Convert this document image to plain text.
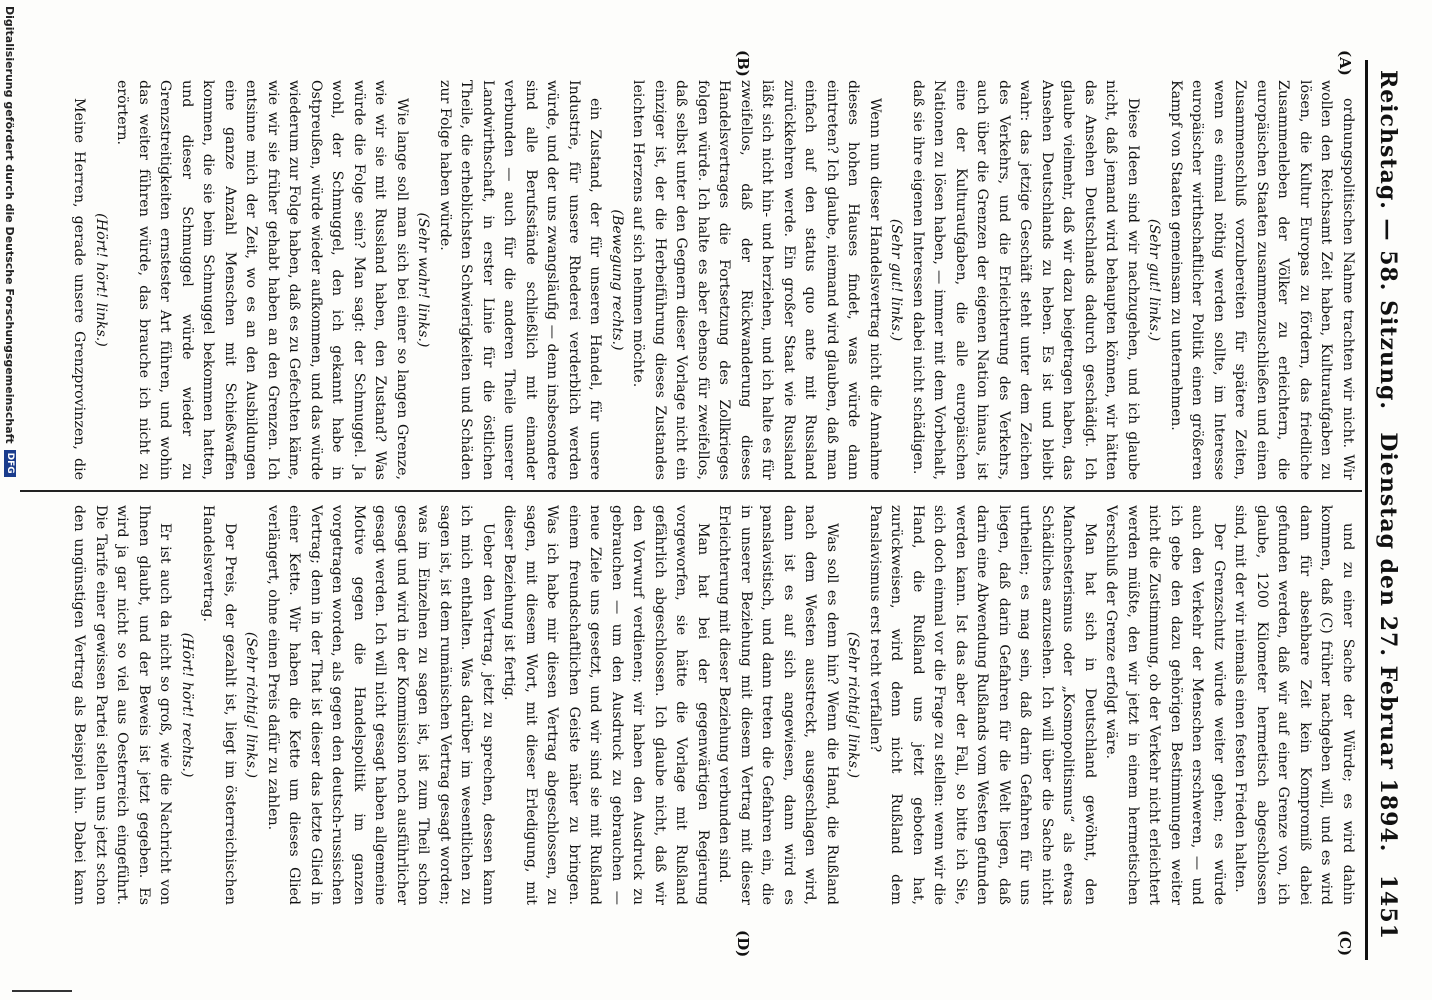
Reichstag. — 58. Sitzung.
Dienstag den 27. Februar 1894.
1451
(A)
(B)
(C)
(D)

ordnungspolitischen Nahme trachten wir nicht. Wir wollen den Reichsamt Zeit haben, Kulturaufgaben zu lösen, die Kultur Europas zu fördern, das friedliche Zusammenleben der Völker zu erleichtern, die europäischen Staaten zusammenzuschließen und einen Zusammenschluß vorzubereiten für spätere Zeiten, wenn es einmal nöthig werden sollte, im Interesse europäischer wirthschaftlicher Politik einen größeren Kampf von Staaten gemeinsam zu unternehmen.

(Sehr gut! links.)

Diese Ideen sind wir nachzugehen, und ich glaube nicht, daß jemand wird behaupten können, wir hätten das Ansehen Deutschlands dadurch geschädigt. Ich glaube vielmehr, daß wir dazu beigetragen haben, das Ansehen Deutschlands zu heben. Es ist und bleibt wahr: das jetzige Geschäft steht unter dem Zeichen des Verkehrs, und die Erleichterung des Verkehrs, auch über die Grenzen der eigenen Nation hinaus, ist eine der Kulturaufgaben, die alle europäischen Nationen zu lösen haben, — immer mit dem Vorbehalt, daß sie ihre eigenen Interessen dabei nicht schädigen.

(Sehr gut! links.)

Wenn nun dieser Handelsvertrag nicht die Annahme dieses hohen Hauses findet, was würde dann eintreten? Ich glaube, niemand wird glauben, daß man einfach auf den status quo ante mit Russland zurückkehren werde. Ein großer Staat wie Russland läßt sich nicht hin- und herziehen, und ich halte es für zweifellos, daß der Rückwanderung dieses Handelsvertrages die Fortsetzung des Zollkrieges folgen würde. Ich halte es aber ebenso für zweifellos, daß selbst unter den Gegnern dieser Vorlage nicht ein einziger ist, der die Herbeiführung dieses Zustandes leichten Herzens auf sich nehmen möchte.

(Bewegung rechts.)

ein Zustand, der für unseren Handel, für unsere Industrie, für unsere Rhederei verderblich werden würde, und der uns zwangsläufig — denn insbesondere sind alle Berufsstände schließlich mit einander verbunden — auch für die anderen Theile unserer Landwirthschaft, in erster Linie für die östlichen Theile, die erheblichsten Schwierigkeiten und Schäden zur Folge haben würde.

(Sehr wahr! links.)

Wie lange soll man sich bei einer so langen Grenze, wie wir sie mit Russland haben, den Zustand? Was würde die Folge sein? Man sagt: der Schmuggel. Ja wohl, der Schmuggel, den ich gekannt habe in Ostpreußen, würde wieder aufkommen, und das würde wiederum zur Folge haben, daß es zu Gefechten käme, wie wir sie früher gehabt haben an den Grenzen. Ich entsinne mich der Zeit, wo es an den Ausbildungen eine ganze Anzahl Menschen mit Schießwaffen kommen, die sie beim Schmuggel bekommen hatten, und dieser Schmuggel würde wieder zu Grenzstreitigkeiten ernstester Art führen, und wohin das weiter führen würde, das brauche ich nicht zu erörtern.

(Hört! hört! links.)

Meine Herren, gerade unsere Grenzprovinzen, die

und zu einer Sache der Würde; es wird dahin kommen, daß (C) früher nachgeben will, und es wird dann für absehbare Zeit kein Kompromiß dabei gefunden werden, daß wir auf einer Grenze von, ich glaube, 1200 Kilometer hermetisch abgeschlossen sind, mit der wir niemals einen festen Frieden halten.

Der Grenzschutz würde weiter gehen; es würde auch den Verkehr der Menschen erschweren, — und ich gebe den dazu gehörigen Bestimmungen weiter nicht die Zustimmung, ob der Verkehr nicht erleichtert werden müßte, den wir jetzt in einem hermetischen Verschluß der Grenze erfolgt wäre.

Man hat sich in Deutschland gewöhnt, den Manchesterismus oder „Kosmopolitismus“ als etwas Schädliches anzusehen. Ich will über die Sache nicht urtheilen; es mag sein, daß darin Gefahren für uns liegen, daß darin Gefahren für die Welt liegen, daß darin eine Abwendung Rußlands vom Westen gefunden werden kann. Ist das aber der Fall, so bitte ich Sie, sich doch einmal vor die Frage zu stellen: wenn wir die Hand, die Rußland uns jetzt geboten hat, zurückweisen, wird denn nicht Rußland dem Panslavismus erst recht verfallen?

(Sehr richtig! links.)

Was soll es denn hin? Wenn die Hand, die Rußland nach dem Westen ausstreckt, ausgeschlagen wird, dann ist es auf sich angewiesen, dann wird es panslavistisch, und dann treten die Gefahren ein, die in unserer Beziehung mit diesem Vertrag mit dieser Erleichterung mit dieser Beziehung verbunden sind.

Man hat bei der gegenwärtigen Regierung vorgeworfen, sie hätte die Vorlage mit Rußland gefährlich abgeschlossen. Ich glaube nicht, daß wir den Vorwurf verdienen; wir haben den Ausdruck zu gebrauchen — um den Ausdruck zu gebrauchen — neue Ziele uns gesetzt, und wir sind sie mit Rußland einem freundschaftlichen Geiste näher zu bringen. Was ich habe mir diesen Vertrag abgeschlossen, zu sagen, mit diesem Wort, mit dieser Erledigung, mit dieser Beziehung ist fertig.

Ueber den Vertrag, jetzt zu sprechen, dessen kann ich mich enthalten. Was darüber im wesentlichen zu sagen ist, ist dem rumänischen Vertrag gesagt worden; was im Einzelnen zu sagen ist, ist zum Theil schon gesagt und wird in der Kommission noch ausführlicher gesagt werden. Ich will nicht gesagt haben allgemeine Motive gegen die Handelspolitik im ganzen vorgetragen worden, als gegen den deutsch-russischen Vertrag; denn in der That ist dieser das letzte Glied in einer Kette. Wir haben die Kette um dieses Glied verlängert, ohne einen Preis dafür zu zahlen.

(Sehr richtig! links.)

Der Preis, der gezahlt ist, liegt im österreichischen Handelsvertrag.

(Hört! hört! rechts.)

Er ist auch da nicht so groß, wie die Nachricht von Ihnen glaubt, und der Beweis ist jetzt gegeben. Es wird ja gar nicht so viel aus Oesterreich eingeführt. Die Tarife einer gewissen Partei stellen uns jetzt schon den ungünstigen Vertrag als Beispiel hin. Dabei kann

Digitalisierung gefördert durch die Deutsche Forschungsgemeinschaft
DFG
